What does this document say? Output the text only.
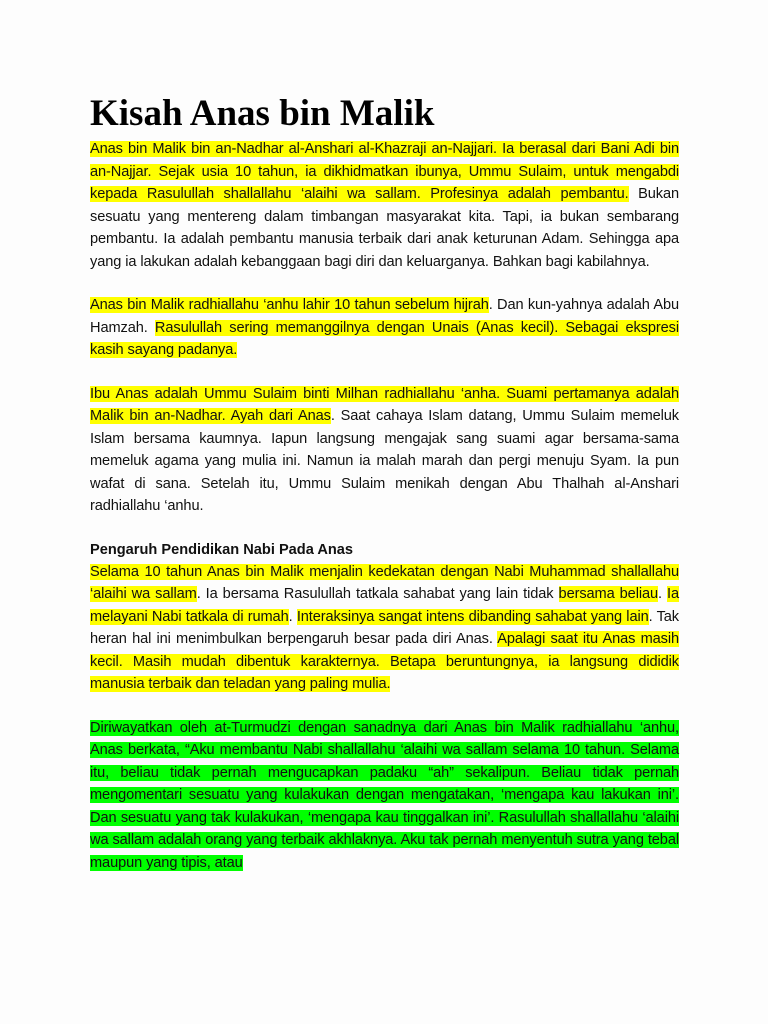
Kisah Anas bin Malik

Anas bin Malik bin an-Nadhar al-Anshari al-Khazraji an-Najjari. Ia berasal dari Bani Adi bin an-Najjar. Sejak usia 10 tahun, ia dikhidmatkan ibunya, Ummu Sulaim, untuk mengabdi kepada Rasulullah shallallahu ‘alaihi wa sallam. Profesinya adalah pembantu. Bukan sesuatu yang mentereng dalam timbangan masyarakat kita. Tapi, ia bukan sembarang pembantu. Ia adalah pembantu manusia terbaik dari anak keturunan Adam. Sehingga apa yang ia lakukan adalah kebanggaan bagi diri dan keluarganya. Bahkan bagi kabilahnya.

Anas bin Malik radhiallahu ‘anhu lahir 10 tahun sebelum hijrah. Dan kun-yahnya adalah Abu Hamzah. Rasulullah sering memanggilnya dengan Unais (Anas kecil). Sebagai ekspresi kasih sayang padanya.

Ibu Anas adalah Ummu Sulaim binti Milhan radhiallahu ‘anha. Suami pertamanya adalah Malik bin an-Nadhar. Ayah dari Anas. Saat cahaya Islam datang, Ummu Sulaim memeluk Islam bersama kaumnya. Iapun langsung mengajak sang suami agar bersama-sama memeluk agama yang mulia ini. Namun ia malah marah dan pergi menuju Syam. Ia pun wafat di sana. Setelah itu, Ummu Sulaim menikah dengan Abu Thalhah al-Anshari radhiallahu ‘anhu.

Pengaruh Pendidikan Nabi Pada Anas

Selama 10 tahun Anas bin Malik menjalin kedekatan dengan Nabi Muhammad shallallahu ‘alaihi wa sallam. Ia bersama Rasulullah tatkala sahabat yang lain tidak bersama beliau. Ia melayani Nabi tatkala di rumah. Interaksinya sangat intens dibanding sahabat yang lain. Tak heran hal ini menimbulkan berpengaruh besar pada diri Anas. Apalagi saat itu Anas masih kecil. Masih mudah dibentuk karakternya. Betapa beruntungnya, ia langsung dididik manusia terbaik dan teladan yang paling mulia.

Diriwayatkan oleh at-Turmudzi dengan sanadnya dari Anas bin Malik radhiallahu ‘anhu, Anas berkata, “Aku membantu Nabi shallallahu ‘alaihi wa sallam selama 10 tahun. Selama itu, beliau tidak pernah mengucapkan padaku “ah” sekalipun. Beliau tidak pernah mengomentari sesuatu yang kulakukan dengan mengatakan, ‘mengapa kau lakukan ini’. Dan sesuatu yang tak kulakukan, ‘mengapa kau tinggalkan ini’. Rasulullah shallallahu ‘alaihi wa sallam adalah orang yang terbaik akhlaknya. Aku tak pernah menyentuh sutra yang tebal maupun yang tipis, atau
